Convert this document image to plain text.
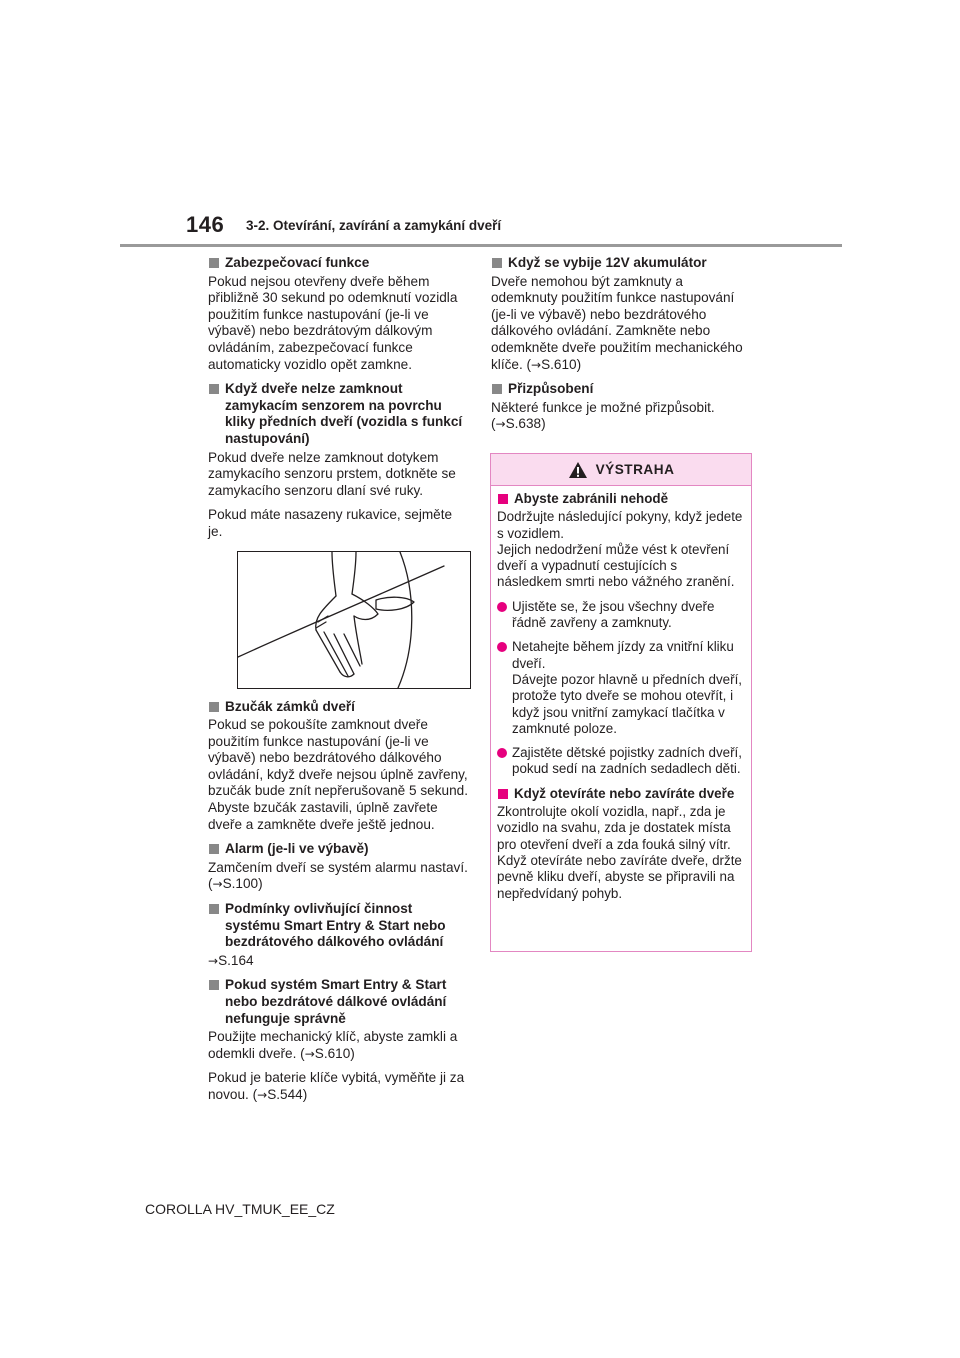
146 3-2. Otevírání, zavírání a zamykání dveří
Zabezpečovací funkce
Pokud nejsou otevřeny dveře během přibližně 30 sekund po odemknutí vozidla použitím funkce nastupování (je-li ve výbavě) nebo bezdrátovým dálkovým ovládáním, zabezpečovací funkce automaticky vozidlo opět zamkne.
Když dveře nelze zamknout zamykacím senzorem na povrchu kliky předních dveří (vozidla s funkcí nastupování)
Pokud dveře nelze zamknout dotykem zamykacího senzoru prstem, dotkněte se zamykacího senzoru dlaní své ruky.
Pokud máte nasazeny rukavice, sejměte je.
Bzučák zámků dveří
Pokud se pokoušíte zamknout dveře použitím funkce nastupování (je-li ve výbavě) nebo bezdrátového dálkového ovládání, když dveře nejsou úplně zavřeny, bzučák bude znít nepřerušovaně 5 sekund. Abyste bzučák zastavili, úplně zavřete dveře a zamkněte dveře ještě jednou.
Alarm (je-li ve výbavě)
Zamčením dveří se systém alarmu nastaví. (→S.100)
Podmínky ovlivňující činnost systému Smart Entry & Start nebo bezdrátového dálkového ovládání
→S.164
Pokud systém Smart Entry & Start nebo bezdrátové dálkové ovládání nefunguje správně
Použijte mechanický klíč, abyste zamkli a odemkli dveře. (→S.610)
Pokud je baterie klíče vybitá, vyměňte ji za novou. (→S.544)
Když se vybije 12V akumulátor
Dveře nemohou být zamknuty a odemknuty použitím funkce nastupování (je-li ve výbavě) nebo bezdrátového dálkového ovládání. Zamkněte nebo odemkněte dveře použitím mechanického klíče. (→S.610)
Přizpůsobení
Některé funkce je možné přizpůsobit. (→S.638)
VÝSTRAHA
Abyste zabránili nehodě
Dodržujte následující pokyny, když jedete s vozidlem.
Jejich nedodržení může vést k otevření dveří a vypadnutí cestujících s následkem smrti nebo vážného zranění.
Ujistěte se, že jsou všechny dveře řádně zavřeny a zamknuty.
Netahejte během jízdy za vnitřní kliku dveří.
Dávejte pozor hlavně u předních dveří, protože tyto dveře se mohou otevřít, i když jsou vnitřní zamykací tlačítka v zamknuté poloze.
Zajistěte dětské pojistky zadních dveří, pokud sedí na zadních sedadlech děti.
Když otevíráte nebo zavíráte dveře
Zkontrolujte okolí vozidla, např., zda je vozidlo na svahu, zda je dostatek místa pro otevření dveří a zda fouká silný vítr. Když otevíráte nebo zavíráte dveře, držte pevně kliku dveří, abyste se připravili na nepředvídaný pohyb.
COROLLA HV_TMUK_EE_CZ
